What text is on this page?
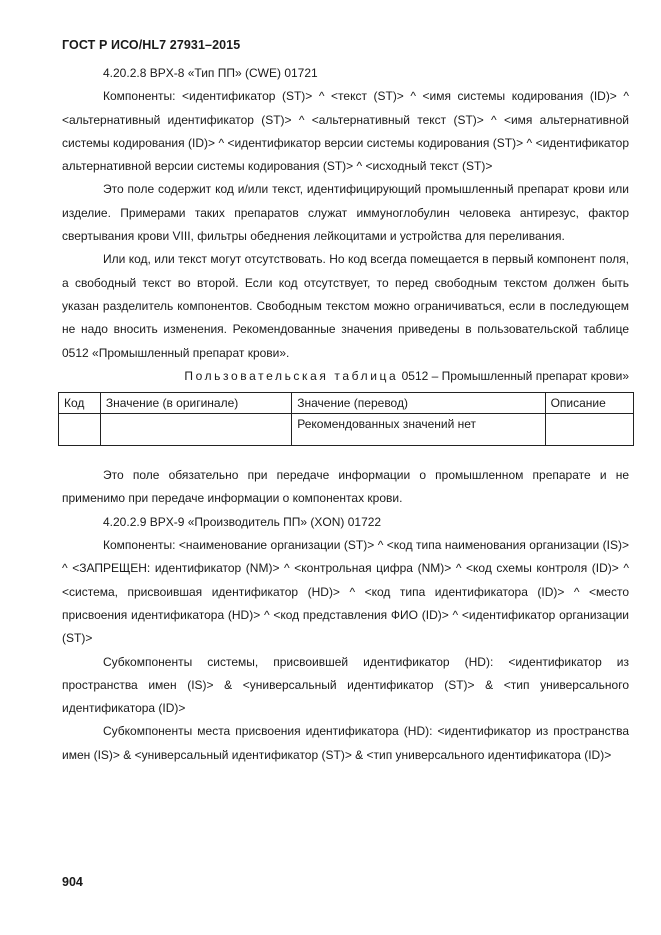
ГОСТ Р ИСО/HL7 27931–2015

4.20.2.8 BPX-8 «Тип ПП» (CWE) 01721

Компоненты: <идентификатор (ST)> ^ <текст (ST)> ^ <имя системы кодирования (ID)> ^ <альтернативный идентификатор (ST)> ^ <альтернативный текст (ST)> ^ <имя альтернативной системы кодирования (ID)> ^ <идентификатор версии системы кодирования (ST)> ^ <идентификатор альтернативной версии системы кодирования (ST)> ^ <исходный текст (ST)>

Это поле содержит код и/или текст, идентифицирующий промышленный препарат крови или изделие. Примерами таких препаратов служат иммуноглобулин человека антирезус, фактор свертывания крови VIII, фильтры обеднения лейкоцитами и устройства для переливания.

Или код, или текст могут отсутствовать. Но код всегда помещается в первый компонент поля, а свободный текст во второй. Если код отсутствует, то перед свободным текстом должен быть указан разделитель компонентов. Свободным текстом можно ограничиваться, если в последующем не надо вносить изменения. Рекомендованные значения приведены в пользовательской таблице 0512 «Промышленный препарат крови».

Пользовательская таблица 0512 – Промышленный препарат крови»

Код	Значение (в оригинале)	Значение (перевод)	Описание
		Рекомендованных значений нет	

Это поле обязательно при передаче информации о промышленном препарате и не применимо при передаче информации о компонентах крови.

4.20.2.9 BPX-9 «Производитель ПП» (XON) 01722

Компоненты: <наименование организации (ST)> ^ <код типа наименования организации (IS)> ^ <ЗАПРЕЩЕН: идентификатор (NM)> ^ <контрольная цифра (NM)> ^ <код схемы контроля (ID)> ^ <система, присвоившая идентификатор (HD)> ^ <код типа идентификатора (ID)> ^ <место присвоения идентификатора (HD)> ^ <код представления ФИО (ID)> ^ <идентификатор организации (ST)>

Субкомпоненты системы, присвоившей идентификатор (HD): <идентификатор из пространства имен (IS)> & <универсальный идентификатор (ST)> & <тип универсального идентификатора (ID)>

Субкомпоненты места присвоения идентификатора (HD): <идентификатор из пространства имен (IS)> & <универсальный идентификатор (ST)> & <тип универсального идентификатора (ID)>

904
